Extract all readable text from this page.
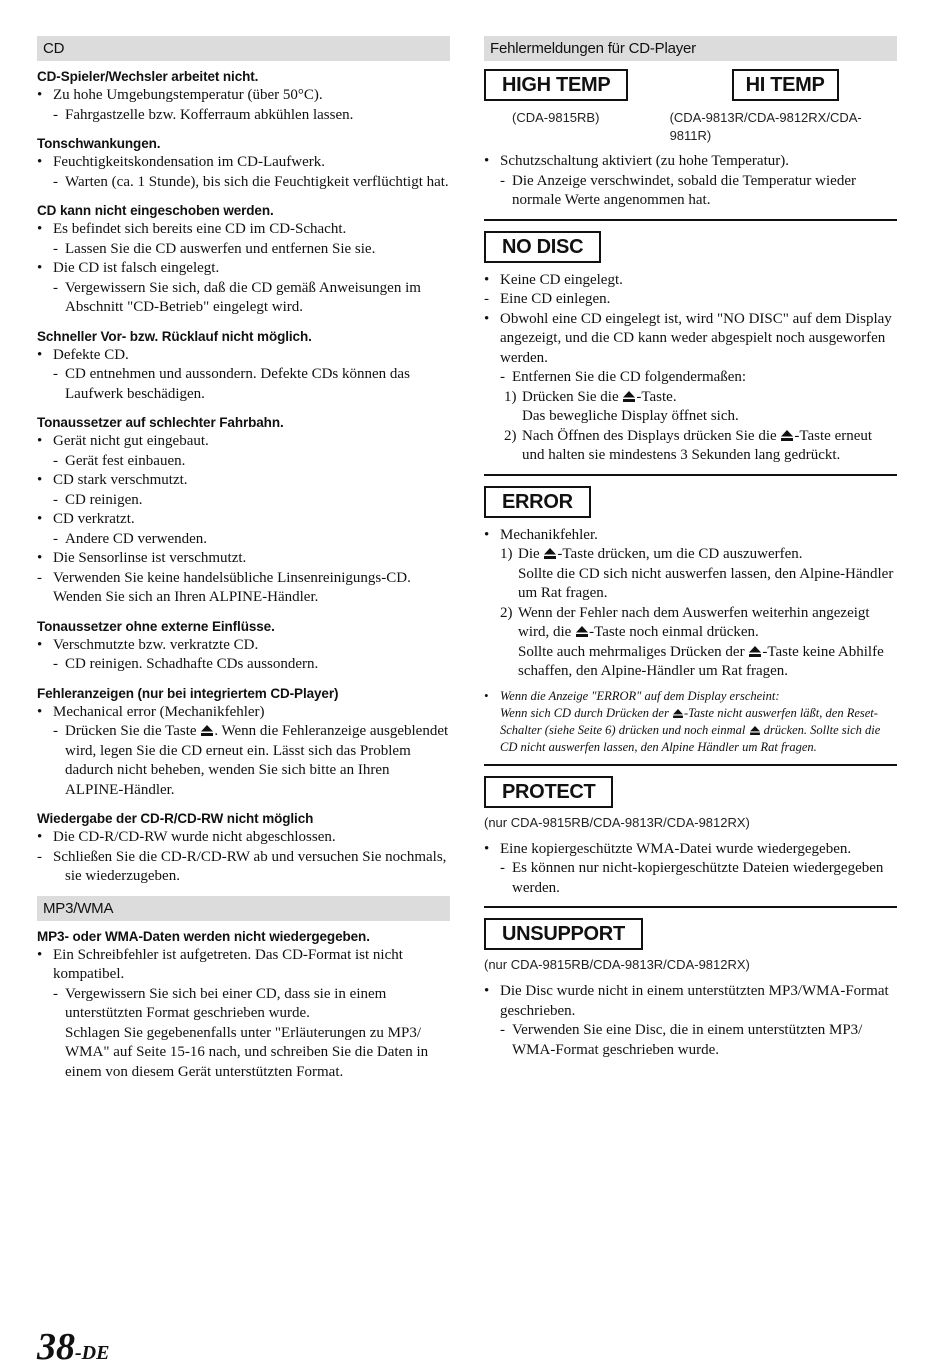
CD
CD-Spieler/Wechsler arbeitet nicht.
• Zu hohe Umgebungstemperatur (über 50°C).
- Fahrgastzelle bzw. Kofferraum abkühlen lassen.
Tonschwankungen.
• Feuchtigkeitskondensation im CD-Laufwerk.
- Warten (ca. 1 Stunde), bis sich die Feuchtigkeit verflüchtigt hat.
CD kann nicht eingeschoben werden.
• Es befindet sich bereits eine CD im CD-Schacht.
- Lassen Sie die CD auswerfen und entfernen Sie sie.
• Die CD ist falsch eingelegt.
- Vergewissern Sie sich, daß die CD gemäß Anweisungen im Abschnitt "CD-Betrieb" eingelegt wird.
Schneller Vor- bzw. Rücklauf nicht möglich.
• Defekte CD.
- CD entnehmen und aussondern. Defekte CDs können das Laufwerk beschädigen.
Tonaussetzer auf schlechter Fahrbahn.
• Gerät nicht gut eingebaut.
- Gerät fest einbauen.
• CD stark verschmutzt.
- CD reinigen.
• CD verkratzt.
- Andere CD verwenden.
• Die Sensorlinse ist verschmutzt.
- Verwenden Sie keine handelsübliche Linsenreinigungs-CD. Wenden Sie sich an Ihren ALPINE-Händler.
Tonaussetzer ohne externe Einflüsse.
• Verschmutzte bzw. verkratzte CD.
- CD reinigen. Schadhafte CDs aussondern.
Fehleranzeigen (nur bei integriertem CD-Player)
• Mechanical error (Mechanikfehler)
- Drücken Sie die Taste . Wenn die Fehleranzeige ausgeblendet wird, legen Sie die CD erneut ein. Lässt sich das Problem dadurch nicht beheben, wenden Sie sich bitte an Ihren ALPINE-Händler.
Wiedergabe der CD-R/CD-RW nicht möglich
• Die CD-R/CD-RW wurde nicht abgeschlossen.
- Schließen Sie die CD-R/CD-RW ab und versuchen Sie nochmals, sie wiederzugeben.
MP3/WMA
MP3- oder WMA-Daten werden nicht wiedergegeben.
• Ein Schreibfehler ist aufgetreten. Das CD-Format ist nicht kompatibel.
- Vergewissern Sie sich bei einer CD, dass sie in einem unterstützten Format geschrieben wurde.
Schlagen Sie gegebenenfalls unter "Erläuterungen zu MP3/ WMA" auf Seite 15-16 nach, und schreiben Sie die Daten in einem von diesem Gerät unterstützten Format.
Fehlermeldungen für CD-Player
HIGH TEMP
(CDA-9815RB)
HI TEMP
(CDA-9813R/CDA-9812RX/CDA-9811R)
• Schutzschaltung aktiviert (zu hohe Temperatur).
- Die Anzeige verschwindet, sobald die Temperatur wieder normale Werte angenommen hat.
NO DISC
• Keine CD eingelegt.
- Eine CD einlegen.
• Obwohl eine CD eingelegt ist, wird "NO DISC" auf dem Display angezeigt, und die CD kann weder abgespielt noch ausgeworfen werden.
- Entfernen Sie die CD folgendermaßen:
1) Drücken Sie die -Taste.
Das bewegliche Display öffnet sich.
2) Nach Öffnen des Displays drücken Sie die -Taste erneut und halten sie mindestens 3 Sekunden lang gedrückt.
ERROR
• Mechanikfehler.
1) Die -Taste drücken, um die CD auszuwerfen.
Sollte die CD sich nicht auswerfen lassen, den Alpine-Händler um Rat fragen.
2) Wenn der Fehler nach dem Auswerfen weiterhin angezeigt wird, die -Taste noch einmal drücken.
Sollte auch mehrmaliges Drücken der -Taste keine Abhilfe schaffen, den Alpine-Händler um Rat fragen.
• Wenn die Anzeige "ERROR" auf dem Display erscheint:
Wenn sich CD durch Drücken der -Taste nicht auswerfen läßt, den Reset-Schalter (siehe Seite 6) drücken und noch einmal drücken. Sollte sich die CD nicht auswerfen lassen, den Alpine Händler um Rat fragen.
PROTECT
(nur CDA-9815RB/CDA-9813R/CDA-9812RX)
• Eine kopiergeschützte WMA-Datei wurde wiedergegeben.
- Es können nur nicht-kopiergeschützte Dateien wiedergegeben werden.
UNSUPPORT
(nur CDA-9815RB/CDA-9813R/CDA-9812RX)
• Die Disc wurde nicht in einem unterstützten MP3/WMA-Format geschrieben.
- Verwenden Sie eine Disc, die in einem unterstützten MP3/ WMA-Format geschrieben wurde.
38-DE
